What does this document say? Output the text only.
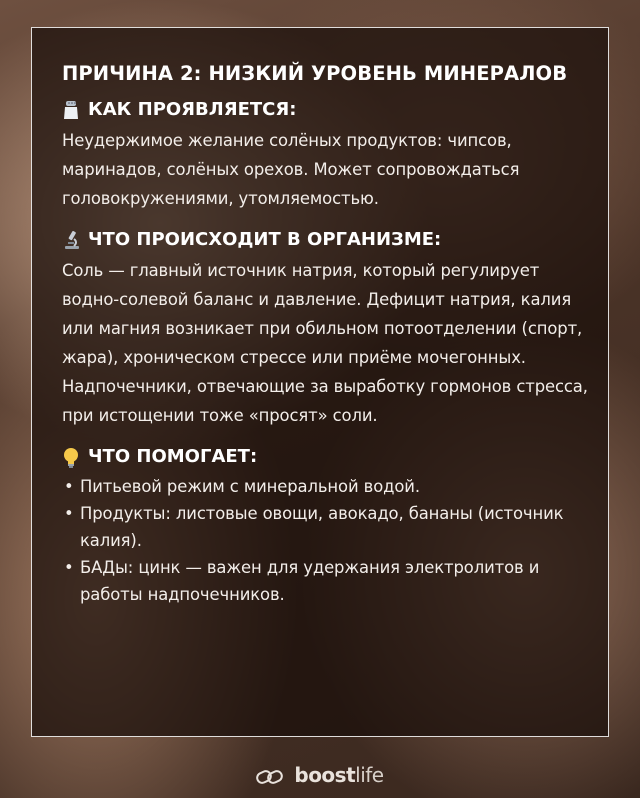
ПРИЧИНА 2: НИЗКИЙ УРОВЕНЬ МИНЕРАЛОВ
КАК ПРОЯВЛЯЕТСЯ:
Неудержимое желание солёных продуктов: чипсов, маринадов, солёных орехов. Может сопровождаться головокружениями, утомляемостью.
ЧТО ПРОИСХОДИТ В ОРГАНИЗМЕ:
Соль — главный источник натрия, который регулирует водно-солевой баланс и давление. Дефицит натрия, калия или магния возникает при обильном потоотделении (спорт, жара), хроническом стрессе или приёме мочегонных. Надпочечники, отвечающие за выработку гормонов стресса, при истощении тоже «просят» соли.
ЧТО ПОМОГАЕТ:
• Питьевой режим с минеральной водой.
• Продукты: листовые овощи, авокадо, бананы (источник калия).
• БАДы: цинк — важен для удержания электролитов и работы надпочечников.
boostlife
